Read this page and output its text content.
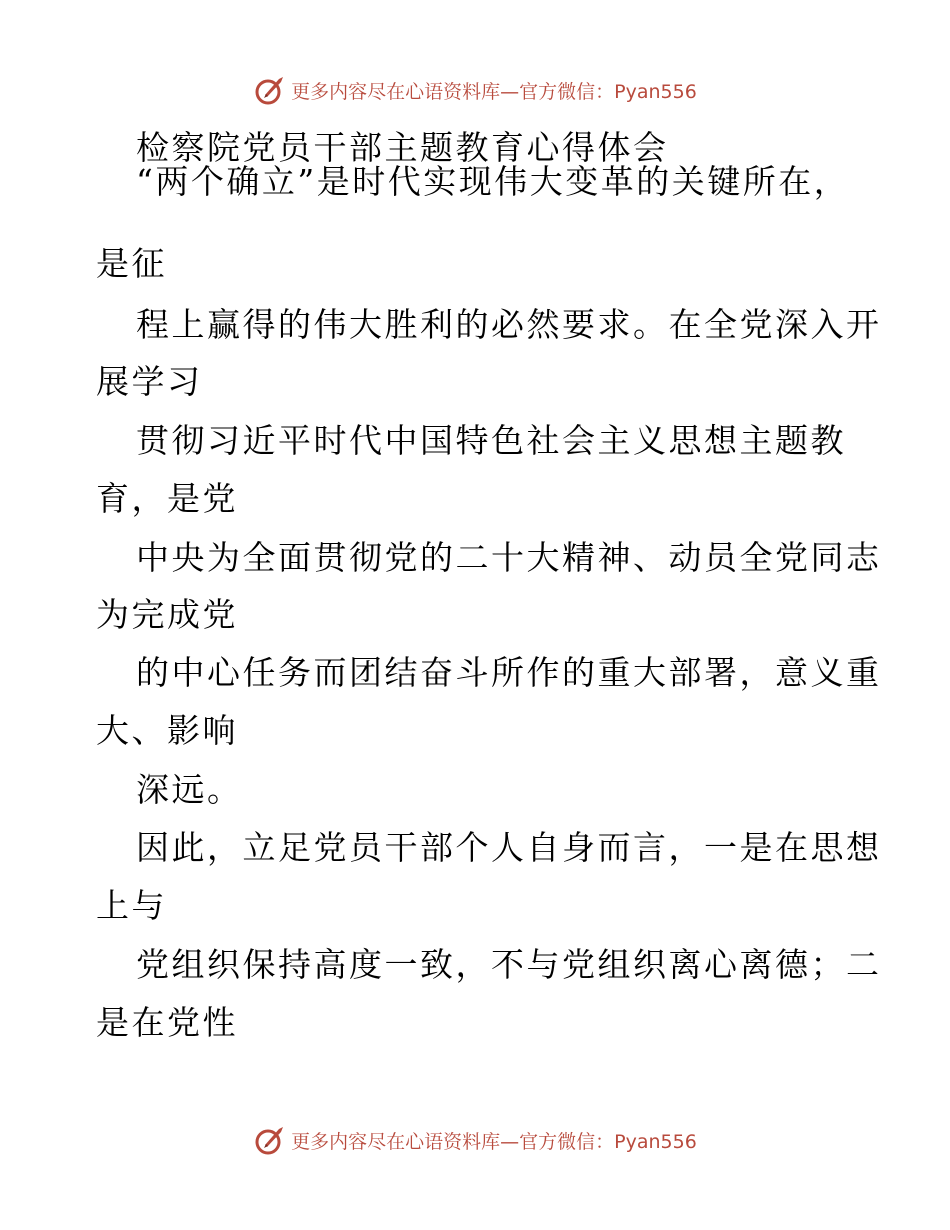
更多内容尽在心语资料库—官方微信：Pyan556
检察院党员干部主题教育心得体会
“两个确立”是时代实现伟大变革的关键所在，
是征
程上赢得的伟大胜利的必然要求。在全党深入开
展学习
贯彻习近平时代中国特色社会主义思想主题教
育，是党
中央为全面贯彻党的二十大精神、动员全党同志
为完成党
的中心任务而团结奋斗所作的重大部署，意义重
大、影响
深远。
因此，立足党员干部个人自身而言，一是在思想
上与
党组织保持高度一致，不与党组织离心离德；二
是在党性
更多内容尽在心语资料库—官方微信：Pyan556
